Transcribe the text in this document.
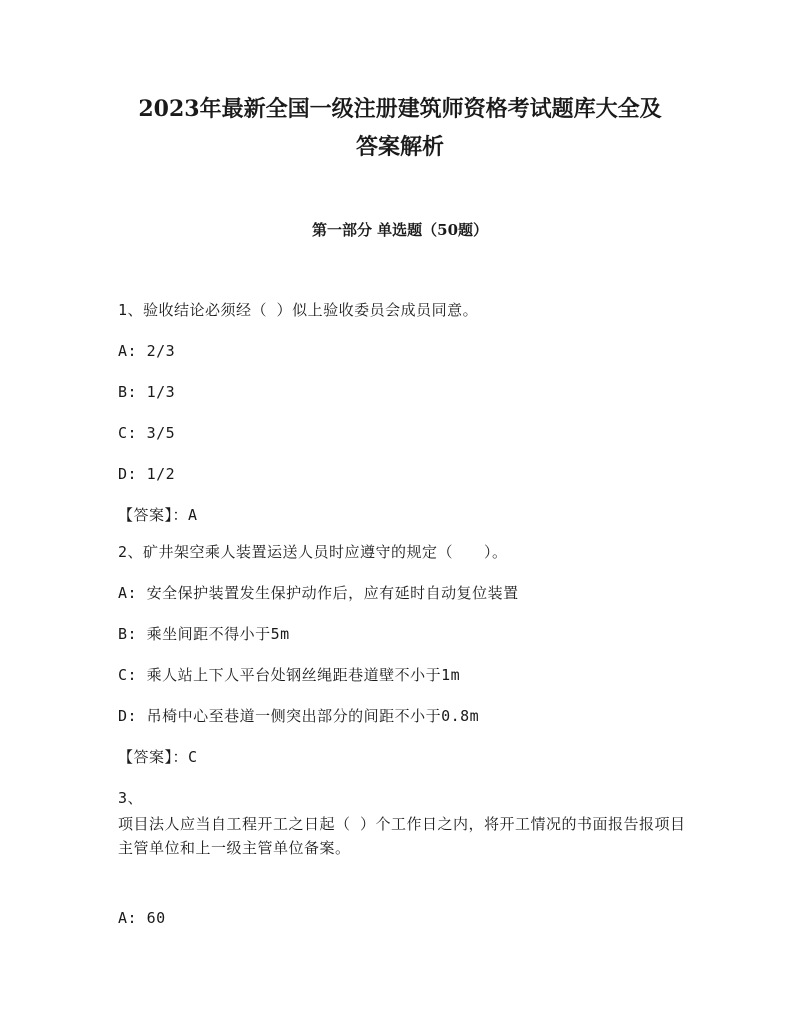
2023年最新全国一级注册建筑师资格考试题库大全及
答案解析
第一部分 单选题（50题）
1、验收结论必须经（ ）似上验收委员会成员同意。
A: 2/3
B: 1/3
C: 3/5
D: 1/2
【答案】：A
2、矿井架空乘人装置运送人员时应遵守的规定（　　）。
A: 安全保护装置发生保护动作后，应有延时自动复位装置
B: 乘坐间距不得小于5m
C: 乘人站上下人平台处钢丝绳距巷道壁不小于1m
D: 吊椅中心至巷道一侧突出部分的间距不小于0.8m
【答案】：C
3、
项目法人应当自工程开工之日起（ ）个工作日之内，将开工情况的书面报告报项目主管单位和上一级主管单位备案。
A: 60
